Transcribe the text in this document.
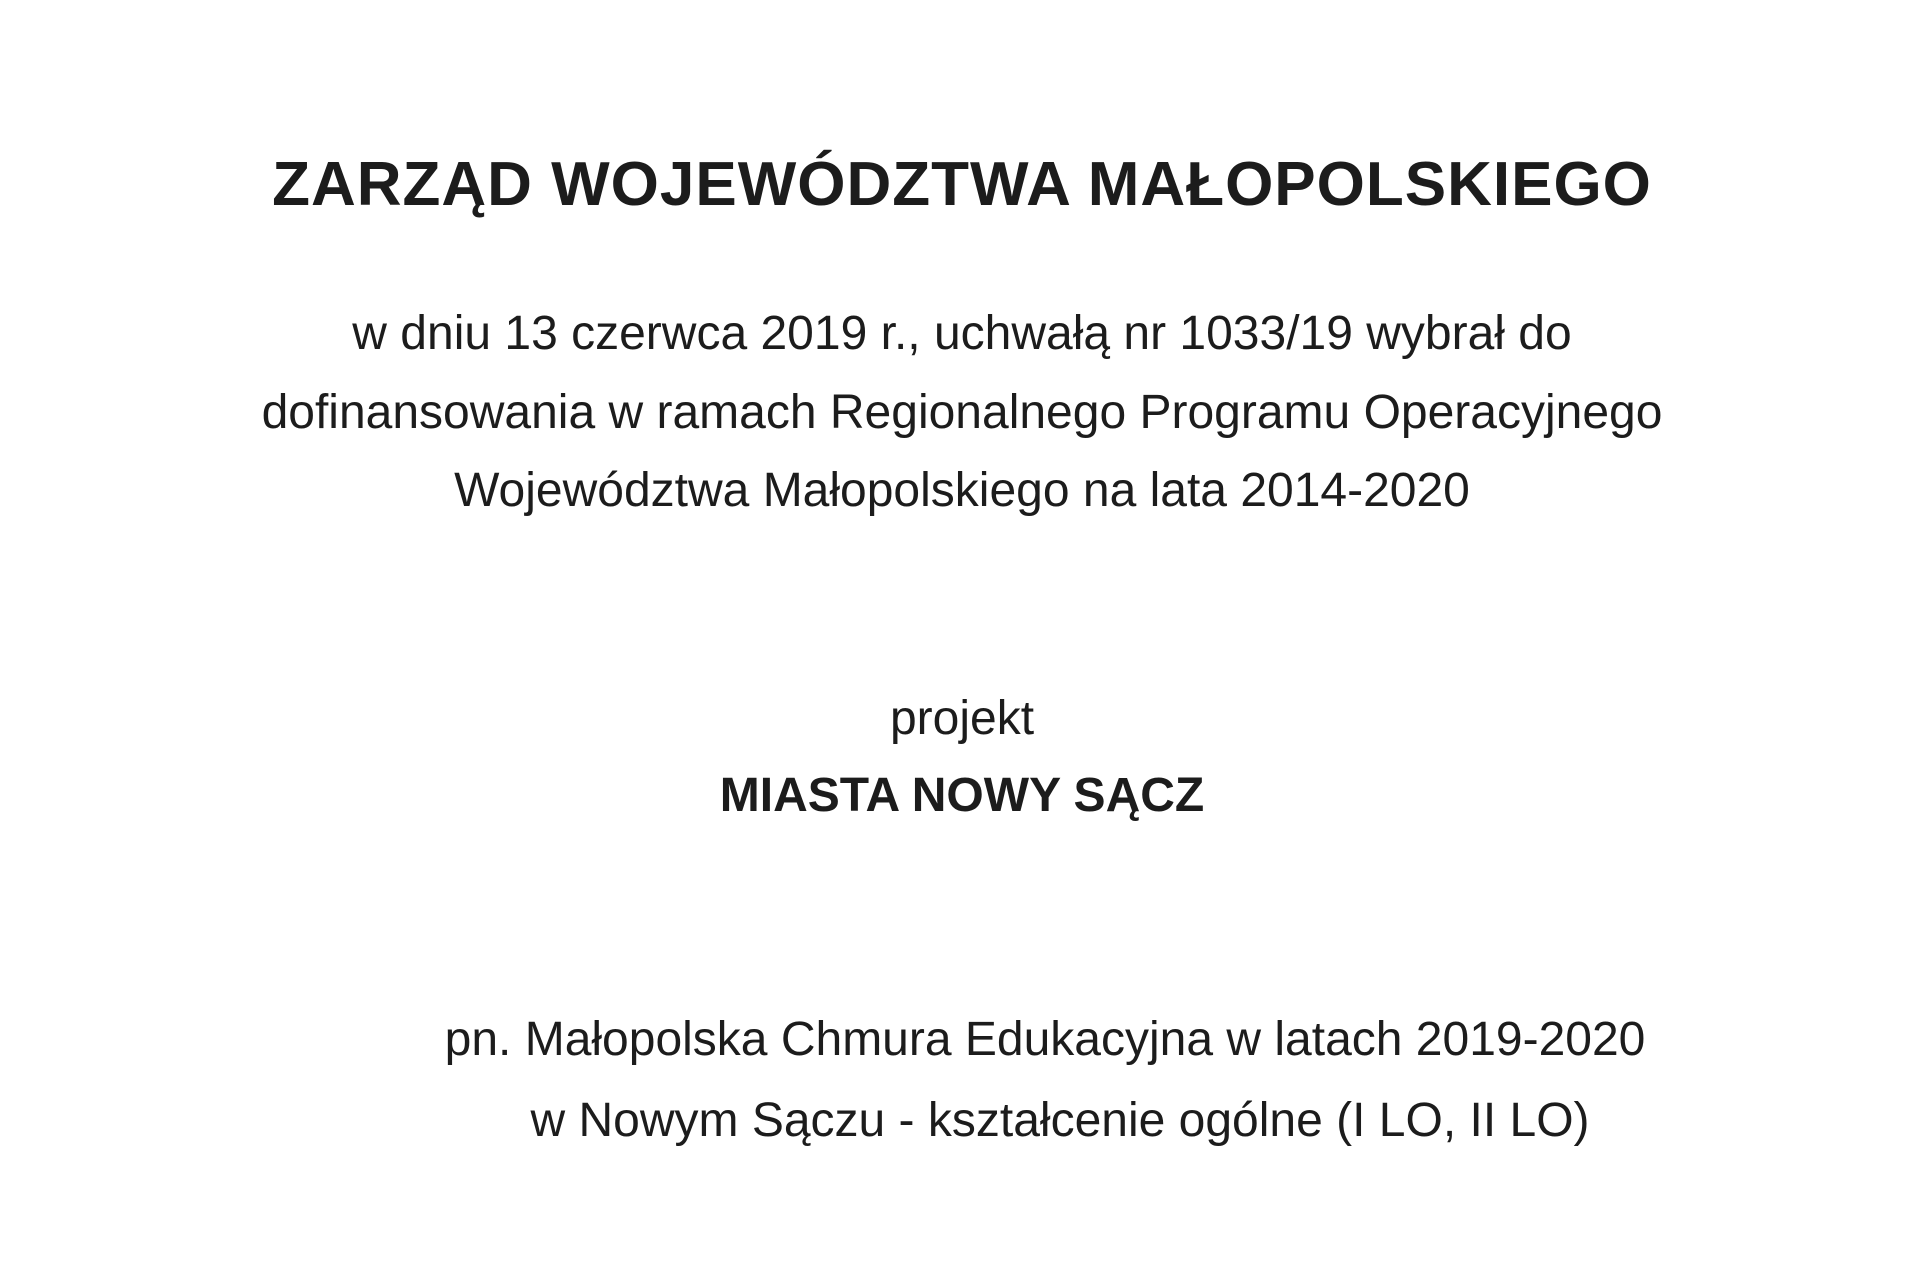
ZARZĄD WOJEWÓDZTWA MAŁOPOLSKIEGO

w dniu 13 czerwca 2019 r., uchwałą nr 1033/19 wybrał do

dofinansowania w ramach Regionalnego Programu Operacyjnego

Województwa Małopolskiego na lata 2014-2020

projekt

MIASTA NOWY SĄCZ

pn. Małopolska Chmura Edukacyjna w latach 2019-2020

w Nowym Sączu - kształcenie ogólne (I LO, II LO)
